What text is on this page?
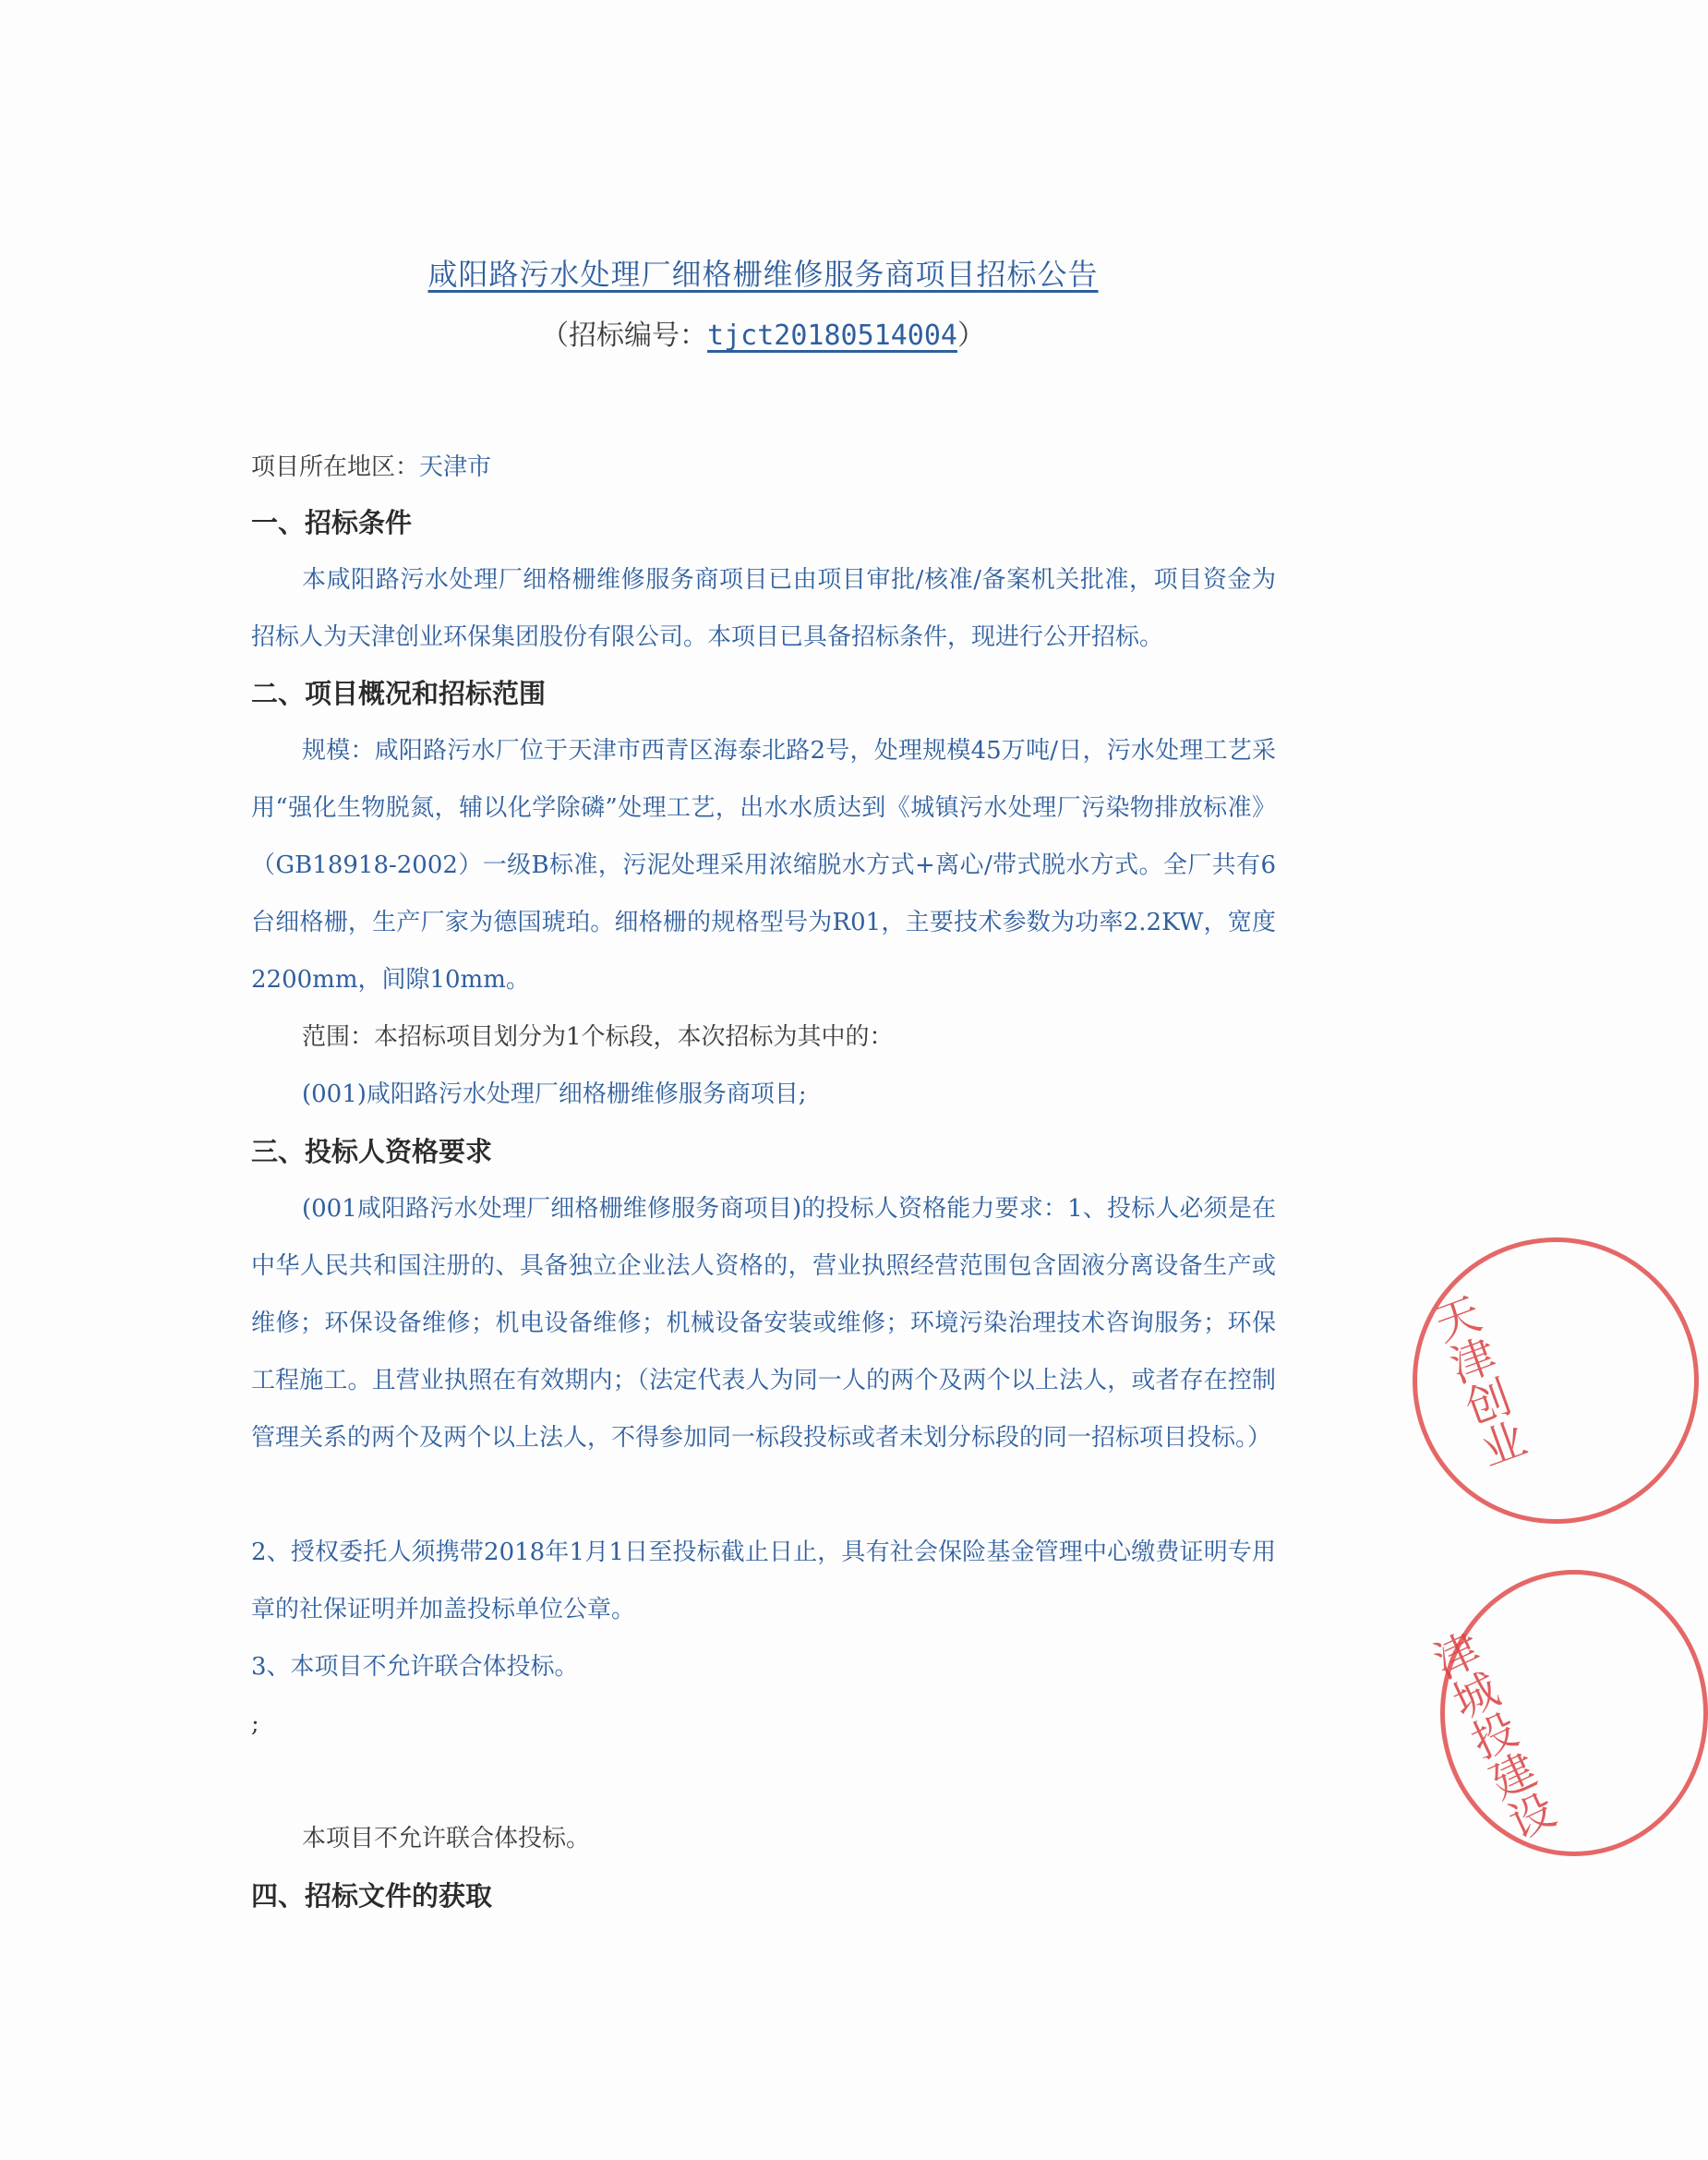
咸阳路污水处理厂细格栅维修服务商项目招标公告
（招标编号：tjct20180514004）
项目所在地区：天津市
一、招标条件
本咸阳路污水处理厂细格栅维修服务商项目已由项目审批/核准/备案机关批准，项目资金为 招标人为天津创业环保集团股份有限公司。本项目已具备招标条件，现进行公开招标。
二、项目概况和招标范围
规模：咸阳路污水厂位于天津市西青区海泰北路2号，处理规模45万吨/日，污水处理工艺采用“强化生物脱氮，辅以化学除磷”处理工艺，出水水质达到《城镇污水处理厂污染物排放标准》（GB18918-2002）一级B标准，污泥处理采用浓缩脱水方式+离心/带式脱水方式。全厂共有6台细格栅，生产厂家为德国琥珀。细格栅的规格型号为R01，主要技术参数为功率2.2KW，宽度2200mm，间隙10mm。
范围：本招标项目划分为1个标段，本次招标为其中的：
(001)咸阳路污水处理厂细格栅维修服务商项目;
三、投标人资格要求
(001咸阳路污水处理厂细格栅维修服务商项目)的投标人资格能力要求：1、投标人必须是在中华人民共和国注册的、具备独立企业法人资格的，营业执照经营范围包含固液分离设备生产或维修；环保设备维修；机电设备维修；机械设备安装或维修；环境污染治理技术咨询服务；环保工程施工。且营业执照在有效期内；（法定代表人为同一人的两个及两个以上法人，或者存在控制管理关系的两个及两个以上法人，不得参加同一标段投标或者未划分标段的同一招标项目投标。）
2、授权委托人须携带2018年1月1日至投标截止日止，具有社会保险基金管理中心缴费证明专用章的社保证明并加盖投标单位公章。
3、本项目不允许联合体投标。
;
本项目不允许联合体投标。
四、招标文件的获取
天津创业
津城投建设
